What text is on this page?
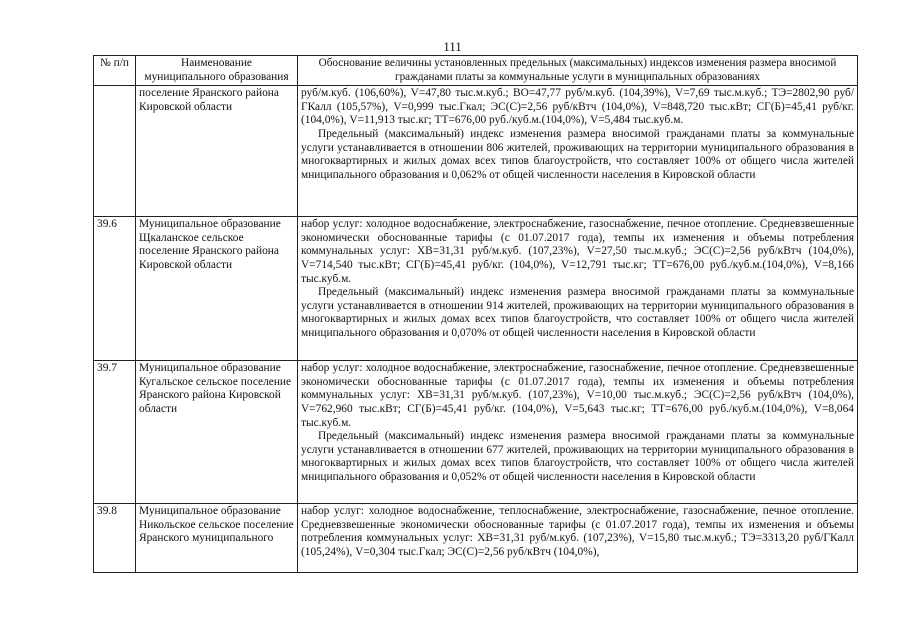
111
№ п/п	Наименование муниципального образования	Обоснование величины установленных предельных (максимальных) индексов изменения размера вносимой гражданами платы за коммунальные услуги в муниципальных образованиях
	поселение Яранского района Кировской области	руб/м.куб. (106,60%), V=47,80 тыс.м.куб.; ВО=47,77 руб/м.куб. (104,39%), V=7,69 тыс.м.куб.; ТЭ=2802,90 руб/ГКалл (105,57%), V=0,999 тыс.Гкал; ЭС(С)=2,56 руб/кВтч (104,0%), V=848,720 тыс.кВт; СГ(Б)=45,41 руб/кг. (104,0%), V=11,913 тыс.кг; ТТ=676,00 руб./куб.м.(104,0%), V=5,484 тыс.куб.м.

Предельный (максимальный) индекс изменения размера вносимой гражданами платы за коммунальные услуги устанавливается в отношении 806 жителей, проживающих на территории муниципального образования в многоквартирных и жилых домах всех типов благоустройств, что составляет 100% от общего числа жителей мниципального образования и 0,062% от общей численности населения в Кировской области

39.6	Муниципальное образование Щкаланское сельское поселение Яранского района Кировской области	набор услуг: холодное водоснабжение, электроснабжение, газоснабжение, печное отопление. Средневзвешенные экономически обоснованные тарифы (с 01.07.2017 года), темпы их изменения и объемы потребления коммунальных услуг: ХВ=31,31 руб/м.куб. (107,23%), V=27,50 тыс.м.куб.; ЭС(С)=2,56 руб/кВтч (104,0%), V=714,540 тыс.кВт; СГ(Б)=45,41 руб/кг. (104,0%), V=12,791 тыс.кг; ТТ=676,00 руб./куб.м.(104,0%), V=8,166 тыс.куб.м.

Предельный (максимальный) индекс изменения размера вносимой гражданами платы за коммунальные услуги устанавливается в отношении 914 жителей, проживающих на территории муниципального образования в многоквартирных и жилых домах всех типов благоустройств, что составляет 100% от общего числа жителей мниципального образования и 0,070% от общей численности населения в Кировской области

39.7	Муниципальное образование Кугальское сельское поселение Яранского района Кировской области	набор услуг: холодное водоснабжение, электроснабжение, газоснабжение, печное отопление. Средневзвешенные экономически обоснованные тарифы (с 01.07.2017 года), темпы их изменения и объемы потребления коммунальных услуг: ХВ=31,31 руб/м.куб. (107,23%), V=10,00 тыс.м.куб.; ЭС(С)=2,56 руб/кВтч (104,0%), V=762,960 тыс.кВт; СГ(Б)=45,41 руб/кг. (104,0%), V=5,643 тыс.кг; ТТ=676,00 руб./куб.м.(104,0%), V=8,064 тыс.куб.м.

Предельный (максимальный) индекс изменения размера вносимой гражданами платы за коммунальные услуги устанавливается в отношении 677 жителей, проживающих на территории муниципального образования в многоквартирных и жилых домах всех типов благоустройств, что составляет 100% от общего числа жителей мниципального образования и 0,052% от общей численности населения в Кировской области

39.8	Муниципальное образование Никольское сельское поселение Яранского муниципального	набор услуг: холодное водоснабжение, теплоснабжение, электроснабжение, газоснабжение, печное отопление. Средневзвешенные экономически обоснованные тарифы (с 01.07.2017 года), темпы их изменения и объемы потребления коммунальных услуг: ХВ=31,31 руб/м.куб. (107,23%), V=15,80 тыс.м.куб.; ТЭ=3313,20 руб/ГКалл (105,24%), V=0,304 тыс.Гкал; ЭС(С)=2,56 руб/кВтч (104,0%),
